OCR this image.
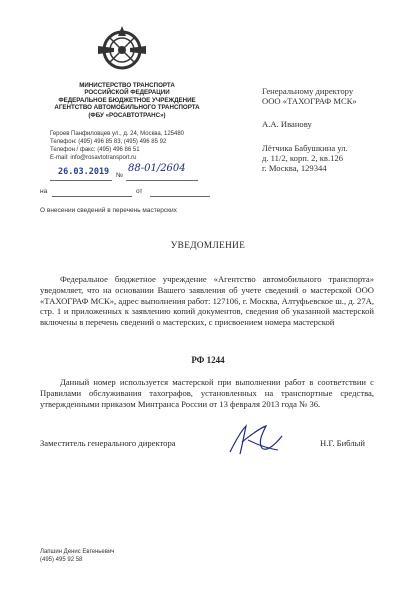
МИНИСТЕРСТВО ТРАНСПОРТА
РОССИЙСКОЙ ФЕДЕРАЦИИ
ФЕДЕРАЛЬНОЕ БЮДЖЕТНОЕ УЧРЕЖДЕНИЕ
АГЕНТСТВО АВТОМОБИЛЬНОГО ТРАНСПОРТА
(ФБУ «РОСАВТОТРАНС»)
Героев Панфиловцев ул., д. 24, Москва, 125480
Телефон: (495) 496 85 83, (495) 496 85 92
Телефон / факс: (495) 496 86 51
E-mail: info@rosavtotransport.ru
26.03.2019 №
88-01/2604
на	от
О внесении сведений в перечень мастерских
Генеральному директору
ООО «ТАХОГРАФ МСК»
А.А. Иванову
Лётчика Бабушкина ул.
д. 11/2, корп. 2, кв.126
г. Москва, 129344
УВЕДОМЛЕНИЕ
Федеральное бюджетное учреждение «Агентство автомобильного транспорта» уведомляет, что на основании Вашего заявления об учете сведений о мастерской ООО «ТАХОГРАФ МСК», адрес выполнения работ: 127106, г. Москва, Алтуфьевское ш., д. 27А, стр. 1 и приложенных к заявлению копий документов, сведения об указанной мастерской включены в перечень сведений о мастерских, с присвоением номера мастерской
РФ 1244
Данный номер используется мастерской при выполнении работ в соответствии с Правилами обслуживания тахографов, установленных на транспортные средства, утвержденными приказом Минтранса России от 13 февраля 2013 года № 36.
Заместитель генерального директора	Н.Г. Библый
Лапшин Денис Евгеньевич
(495) 495 92 58
